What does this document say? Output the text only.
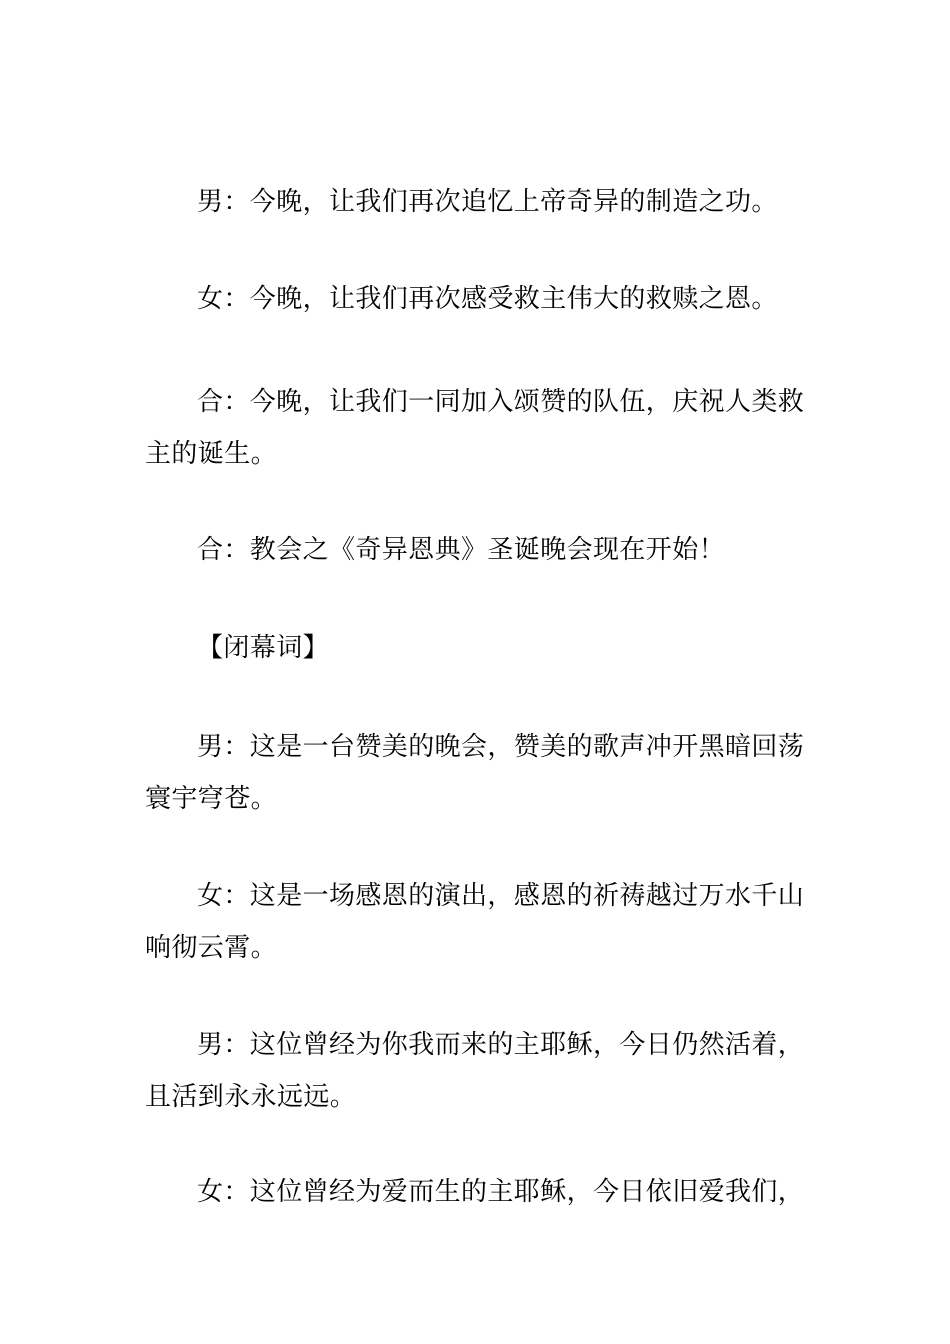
男：今晚，让我们再次追忆上帝奇异的制造之功。

女：今晚，让我们再次感受救主伟大的救赎之恩。

合：今晚，让我们一同加入颂赞的队伍，庆祝人类救主的诞生。

合：教会之《奇异恩典》圣诞晚会现在开始！

【闭幕词】

男：这是一台赞美的晚会，赞美的歌声冲开黑暗回荡寰宇穹苍。

女：这是一场感恩的演出，感恩的祈祷越过万水千山响彻云霄。

男：这位曾经为你我而来的主耶稣，今日仍然活着，且活到永永远远。

女：这位曾经为爱而生的主耶稣，今日依旧爱我们，
